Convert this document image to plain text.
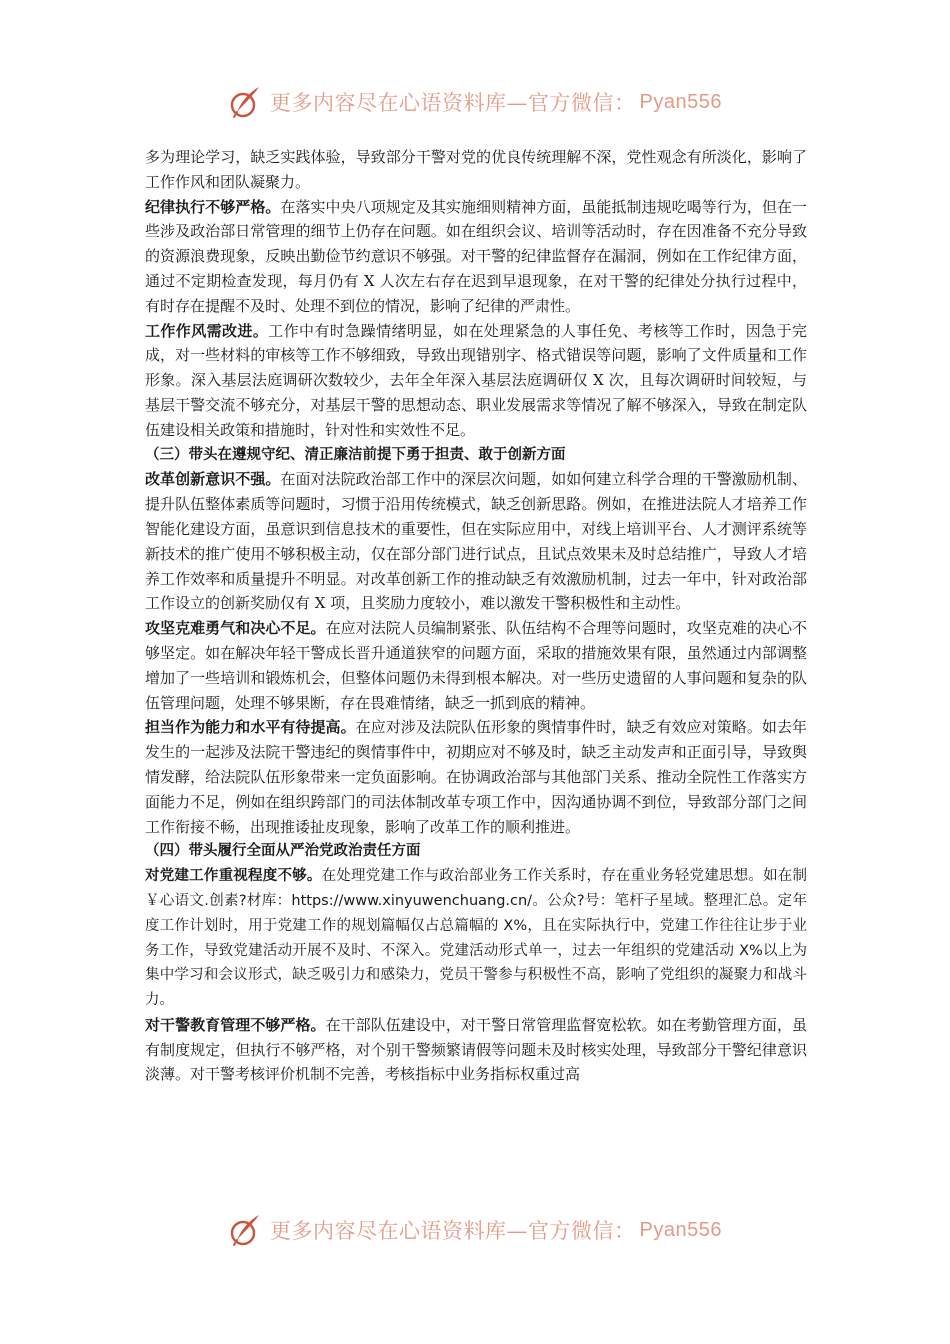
更多内容尽在心语资料库—官方微信： Pyan556

多为理论学习，缺乏实践体验，导致部分干警对党的优良传统理解不深，党性观念有所淡化，影响了工作作风和团队凝聚力。

纪律执行不够严格。在落实中央八项规定及其实施细则精神方面，虽能抵制违规吃喝等行为，但在一些涉及政治部日常管理的细节上仍存在问题。如在组织会议、培训等活动时，存在因准备不充分导致的资源浪费现象，反映出勤俭节约意识不够强。对干警的纪律监督存在漏洞，例如在工作纪律方面，通过不定期检查发现，每月仍有 X 人次左右存在迟到早退现象，在对干警的纪律处分执行过程中，有时存在提醒不及时、处理不到位的情况，影响了纪律的严肃性。

工作作风需改进。工作中有时急躁情绪明显，如在处理紧急的人事任免、考核等工作时，因急于完成，对一些材料的审核等工作不够细致，导致出现错别字、格式错误等问题，影响了文件质量和工作形象。深入基层法庭调研次数较少，去年全年深入基层法庭调研仅 X 次，且每次调研时间较短，与基层干警交流不够充分，对基层干警的思想动态、职业发展需求等情况了解不够深入，导致在制定队伍建设相关政策和措施时，针对性和实效性不足。

（三）带头在遵规守纪、清正廉洁前提下勇于担责、敢于创新方面

改革创新意识不强。在面对法院政治部工作中的深层次问题，如如何建立科学合理的干警激励机制、提升队伍整体素质等问题时，习惯于沿用传统模式，缺乏创新思路。例如，在推进法院人才培养工作智能化建设方面，虽意识到信息技术的重要性，但在实际应用中，对线上培训平台、人才测评系统等新技术的推广使用不够积极主动，仅在部分部门进行试点，且试点效果未及时总结推广，导致人才培养工作效率和质量提升不明显。对改革创新工作的推动缺乏有效激励机制，过去一年中，针对政治部工作设立的创新奖励仅有 X 项，且奖励力度较小，难以激发干警积极性和主动性。

攻坚克难勇气和决心不足。在应对法院人员编制紧张、队伍结构不合理等问题时，攻坚克难的决心不够坚定。如在解决年轻干警成长晋升通道狭窄的问题方面，采取的措施效果有限，虽然通过内部调整增加了一些培训和锻炼机会，但整体问题仍未得到根本解决。对一些历史遗留的人事问题和复杂的队伍管理问题，处理不够果断，存在畏难情绪，缺乏一抓到底的精神。

担当作为能力和水平有待提高。在应对涉及法院队伍形象的舆情事件时，缺乏有效应对策略。如去年发生的一起涉及法院干警违纪的舆情事件中，初期应对不够及时，缺乏主动发声和正面引导，导致舆情发酵，给法院队伍形象带来一定负面影响。在协调政治部与其他部门关系、推动全院性工作落实方面能力不足，例如在组织跨部门的司法体制改革专项工作中，因沟通协调不到位，导致部分部门之间工作衔接不畅，出现推诿扯皮现象，影响了改革工作的顺利推进。

（四）带头履行全面从严治党政治责任方面

对党建工作重视程度不够。在处理党建工作与政治部业务工作关系时，存在重业务轻党建思想。如在制￥心语文.创素?材库：https://www.xinyuwenchuang.cn/。公众?号：笔杆子星域。整理汇总。定年度工作计划时，用于党建工作的规划篇幅仅占总篇幅的 X%，且在实际执行中，党建工作往往让步于业务工作，导致党建活动开展不及时、不深入。党建活动形式单一，过去一年组织的党建活动 X%以上为集中学习和会议形式，缺乏吸引力和感染力，党员干警参与积极性不高，影响了党组织的凝聚力和战斗力。

对干警教育管理不够严格。在干部队伍建设中，对干警日常管理监督宽松软。如在考勤管理方面，虽有制度规定，但执行不够严格，对个别干警频繁请假等问题未及时核实处理，导致部分干警纪律意识淡薄。对干警考核评价机制不完善，考核指标中业务指标权重过高

更多内容尽在心语资料库—官方微信： Pyan556
